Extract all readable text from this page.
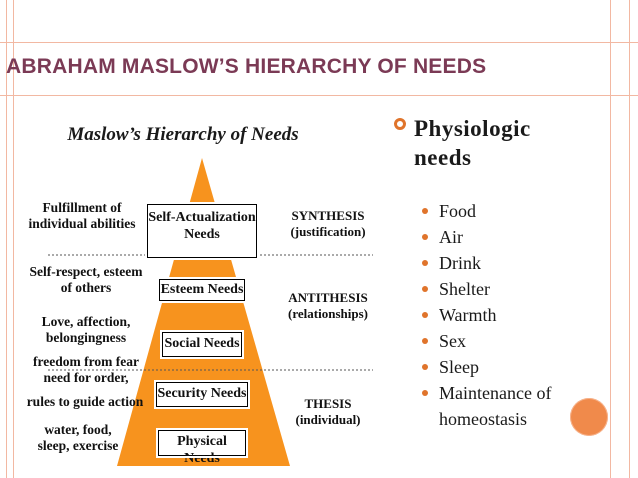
ABRAHAM MASLOW’S HIERARCHY OF NEEDS
Maslow’s Hierarchy of Needs
Self-Actualization
Needs
Esteem Needs
Social Needs
Security Needs
Physical Needs
Fulfillment of
individual abilities
Self-respect, esteem
of others
Love, affection,
belongingness
freedom from fear
need for order,
rules to guide action
water, food,
sleep, exercise
SYNTHESIS
(justification)
ANTITHESIS
(relationships)
THESIS
(individual)
Physiologic
needs
Food
Air
Drink
Shelter
Warmth
Sex
Sleep
Maintenance of homeostasis
